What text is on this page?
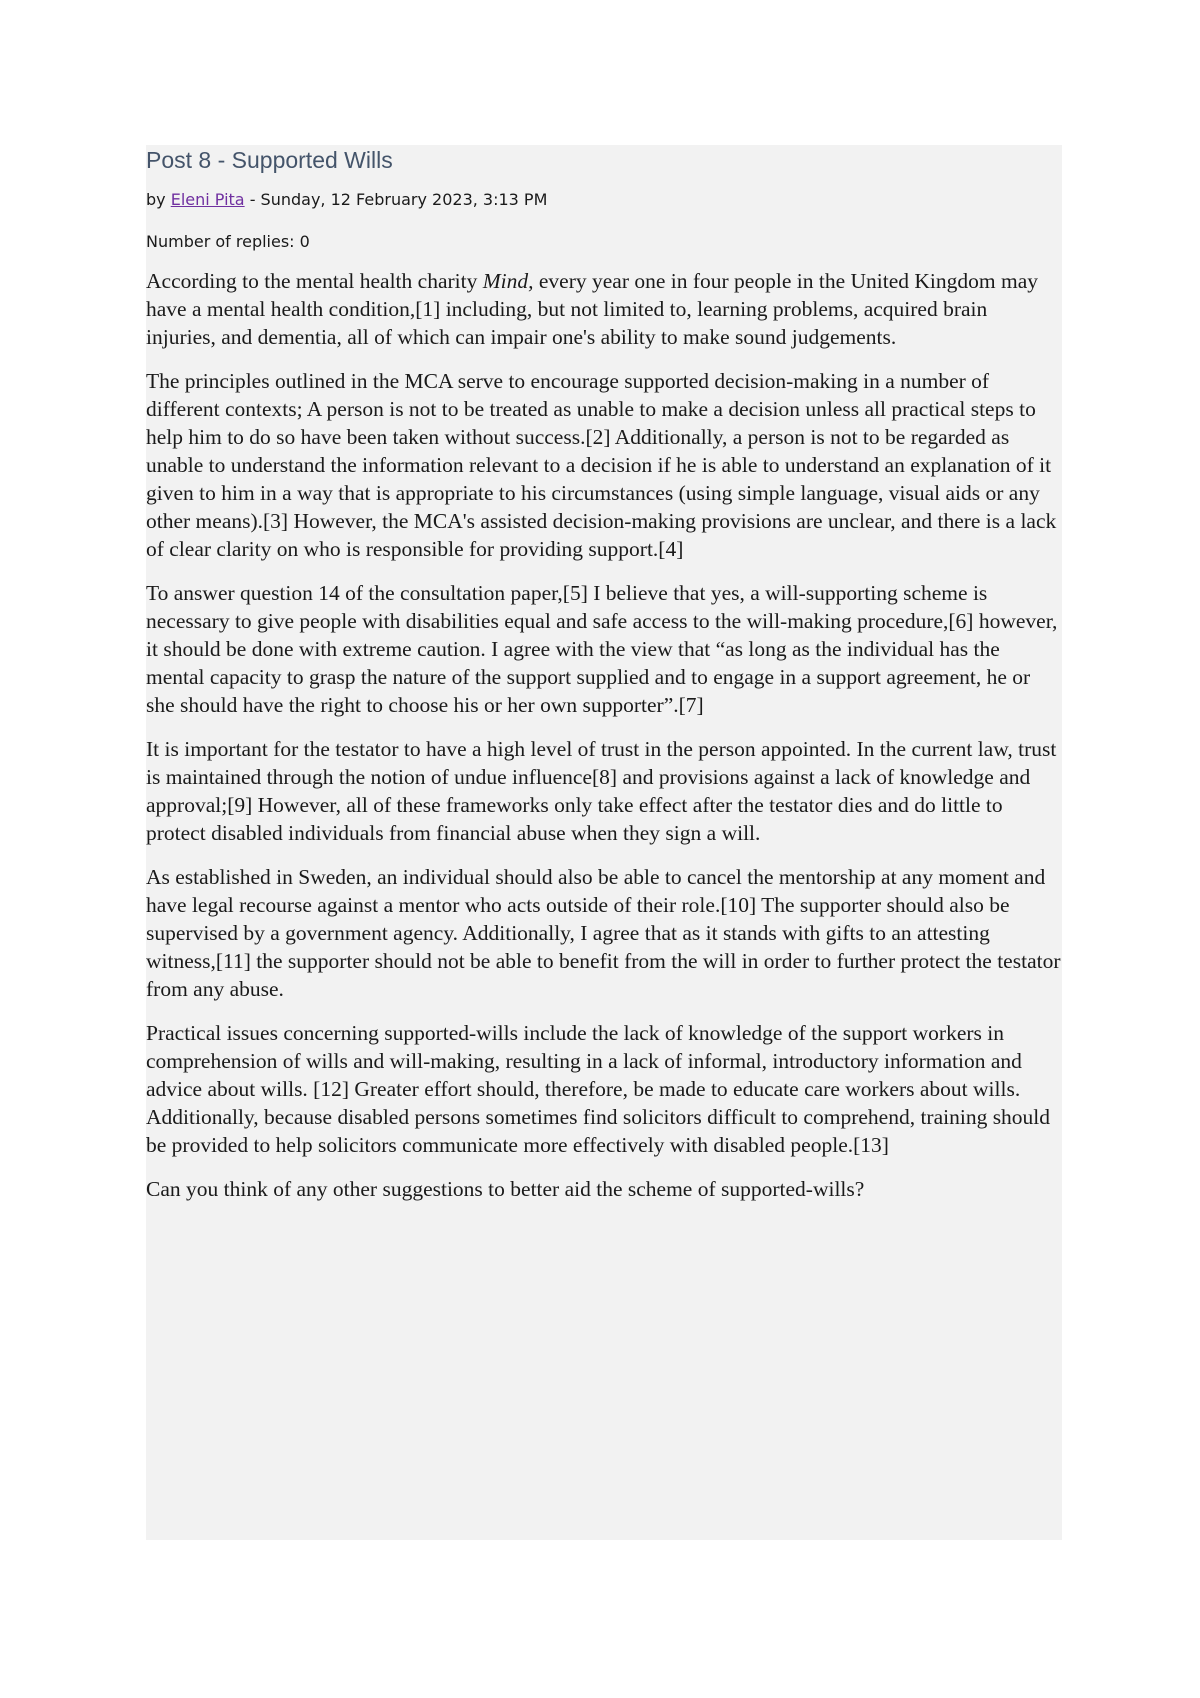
Post 8 - Supported Wills
by Eleni Pita - Sunday, 12 February 2023, 3:13 PM
Number of replies: 0

According to the mental health charity Mind, every year one in four people in the United Kingdom may have a mental health condition,[1] including, but not limited to, learning problems, acquired brain injuries, and dementia, all of which can impair one's ability to make sound judgements.

The principles outlined in the MCA serve to encourage supported decision-making in a number of different contexts; A person is not to be treated as unable to make a decision unless all practical steps to help him to do so have been taken without success.[2] Additionally, a person is not to be regarded as unable to understand the information relevant to a decision if he is able to understand an explanation of it given to him in a way that is appropriate to his circumstances (using simple language, visual aids or any other means).[3] However, the MCA's assisted decision-making provisions are unclear, and there is a lack of clear clarity on who is responsible for providing support.[4]

To answer question 14 of the consultation paper,[5] I believe that yes, a will-supporting scheme is necessary to give people with disabilities equal and safe access to the will-making procedure,[6] however, it should be done with extreme caution. I agree with the view that “as long as the individual has the mental capacity to grasp the nature of the support supplied and to engage in a support agreement, he or she should have the right to choose his or her own supporter”.[7]

It is important for the testator to have a high level of trust in the person appointed. In the current law, trust is maintained through the notion of undue influence[8] and provisions against a lack of knowledge and approval;[9] However, all of these frameworks only take effect after the testator dies and do little to protect disabled individuals from financial abuse when they sign a will.

As established in Sweden, an individual should also be able to cancel the mentorship at any moment and have legal recourse against a mentor who acts outside of their role.[10] The supporter should also be supervised by a government agency. Additionally, I agree that as it stands with gifts to an attesting witness,[11] the supporter should not be able to benefit from the will in order to further protect the testator from any abuse.

Practical issues concerning supported-wills include the lack of knowledge of the support workers in comprehension of wills and will-making, resulting in a lack of informal, introductory information and advice about wills. [12] Greater effort should, therefore, be made to educate care workers about wills. Additionally, because disabled persons sometimes find solicitors difficult to comprehend, training should be provided to help solicitors communicate more effectively with disabled people.[13]

Can you think of any other suggestions to better aid the scheme of supported-wills?
